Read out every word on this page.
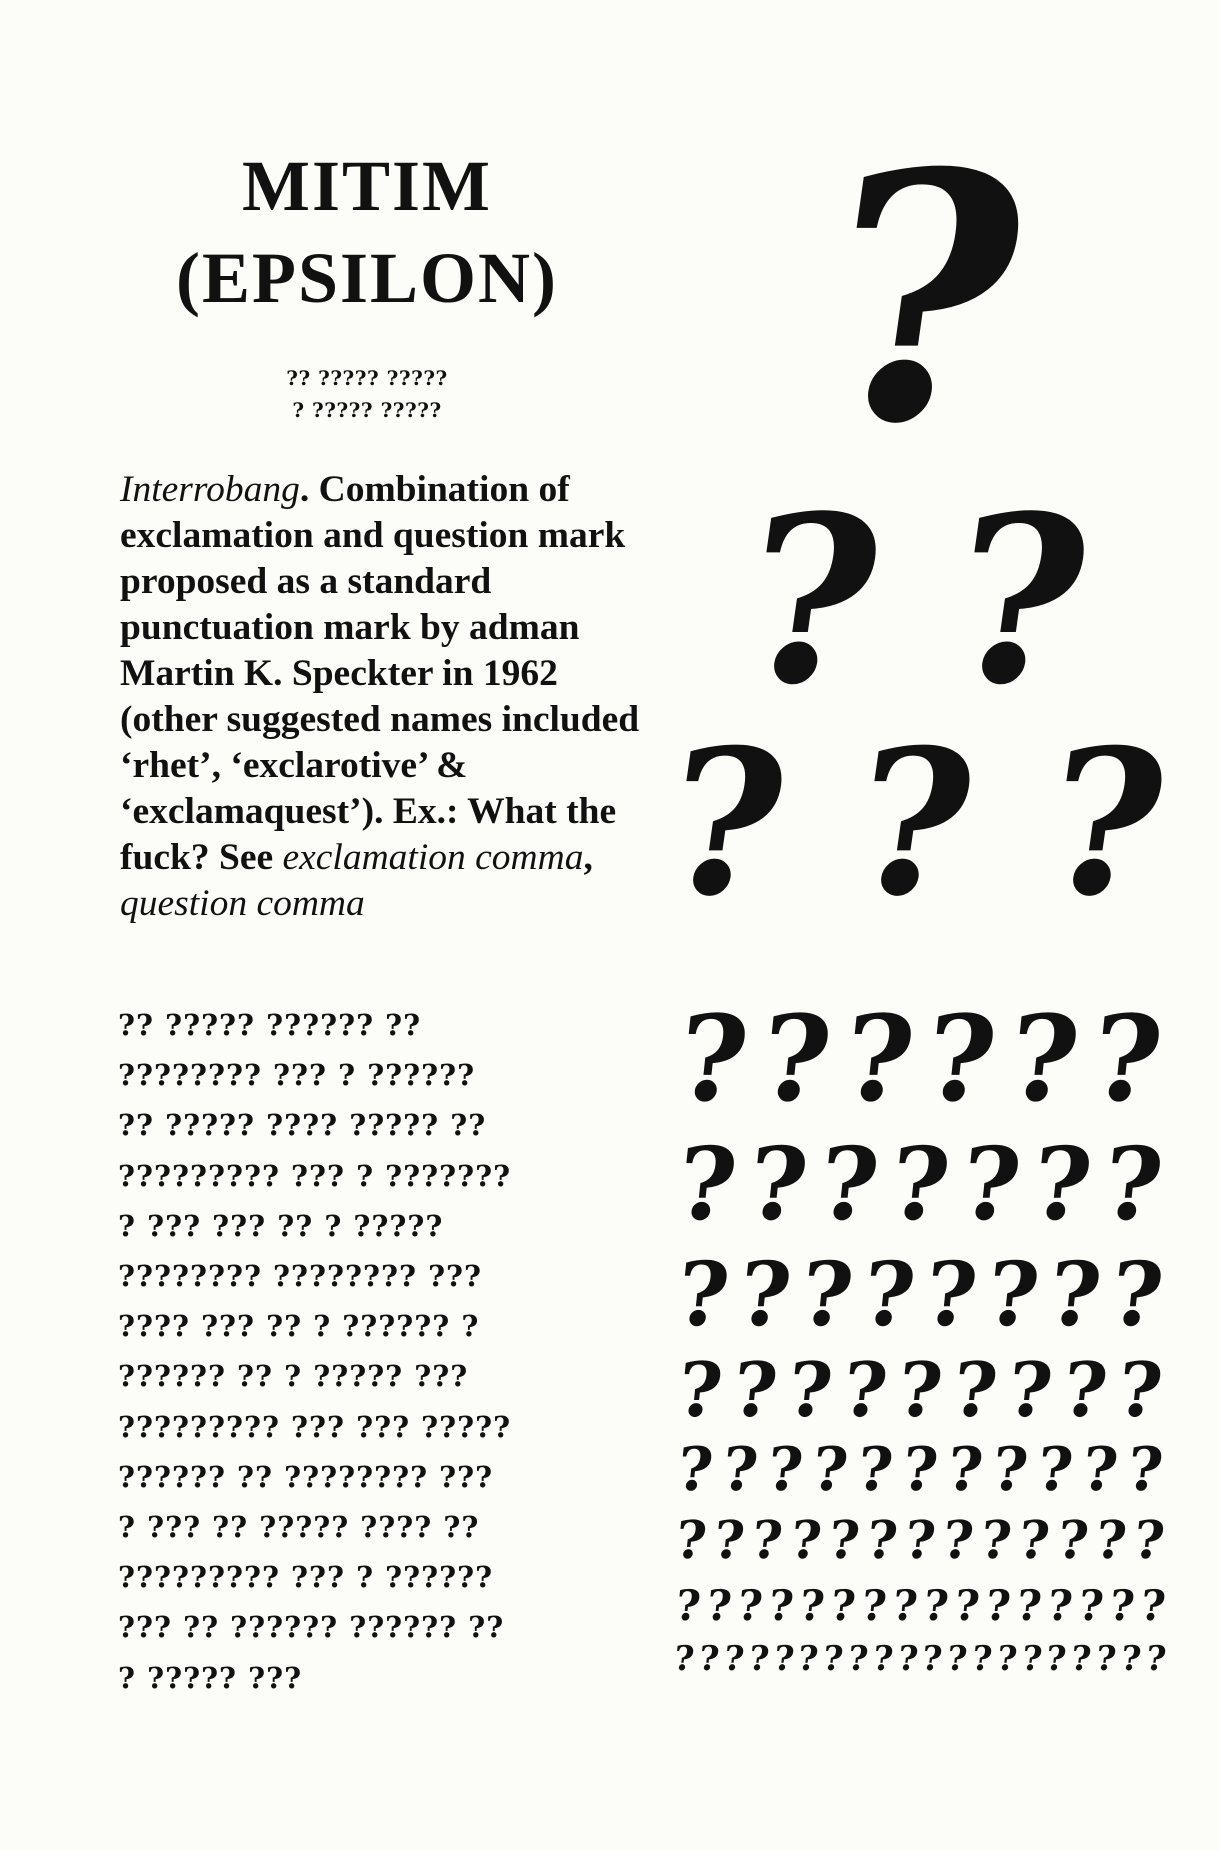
MITIM
(EPSILON)
?? ????? ?????
? ????? ?????

Interrobang. Combination of exclamation and question mark proposed as a standard punctuation mark by adman Martin K. Speckter in 1962 (other suggested names included ‘rhet’, ‘exclarotive’ & ‘exclamaquest’). Ex.: What the fuck? See exclamation comma, question comma

?? ????? ?????? ??
???????? ??? ? ??????
?? ????? ???? ????? ??
????????? ??? ? ???????
? ??? ??? ?? ? ?????
???????? ???????? ???
???? ??? ?? ? ?????? ?
?????? ?? ? ????? ???
????????? ??? ??? ?????
?????? ?? ???????? ???
? ??? ?? ????? ???? ??
????????? ??? ? ??????
??? ?? ?????? ?????? ??
? ????? ???
?
? ?
? ? ?
?
?
?
?
?
?
? ? ? ? ? ? ?
? ? ? ? ? ? ? ?
? ? ? ? ? ? ? ? ?
? ? ? ? ? ? ? ? ? ? ?
? ? ? ? ? ? ? ? ? ? ? ? ?
? ? ? ? ? ? ? ? ? ? ? ? ? ? ? ?
? ? ? ? ? ? ? ? ? ? ? ? ? ? ? ? ? ? ? ?
